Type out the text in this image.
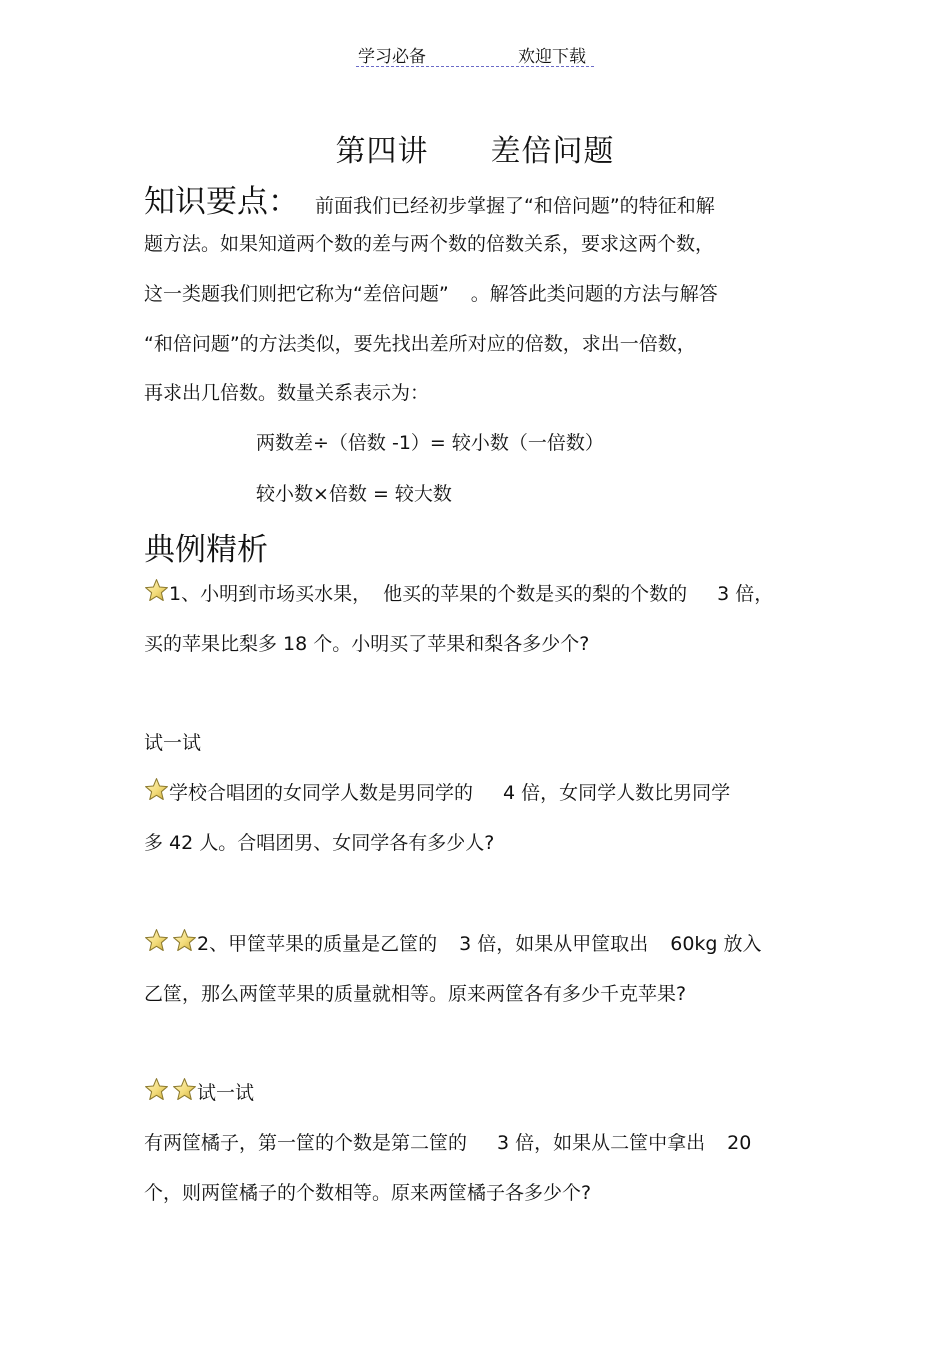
学习必备	欢迎下载
第四讲 差倍问题
知识要点： 前面我们已经初步掌握了“和倍问题”的特征和解
题方法。如果知道两个数的差与两个数的倍数关系，要求这两个数，
这一类题我们则把它称为“差倍问题” 。解答此类问题的方法与解答
“和倍问题”的方法类似，要先找出差所对应的倍数，求出一倍数，
再求出几倍数。数量关系表示为：
两数差÷（倍数 -1）= 较小数（一倍数）
较小数×倍数 = 较大数
典例精析
1、小明到市场买水果， 他买的苹果的个数是买的梨的个数的 3 倍，
买的苹果比梨多 18 个。小明买了苹果和梨各多少个?
试一试
学校合唱团的女同学人数是男同学的 4 倍，女同学人数比男同学
多 42 人。合唱团男、女同学各有多少人?
2、甲筐苹果的质量是乙筐的 3 倍，如果从甲筐取出 60kg 放入
乙筐，那么两筐苹果的质量就相等。原来两筐各有多少千克苹果?
试一试
有两筐橘子，第一筐的个数是第二筐的 3 倍，如果从二筐中拿出 20
个，则两筐橘子的个数相等。原来两筐橘子各多少个?
